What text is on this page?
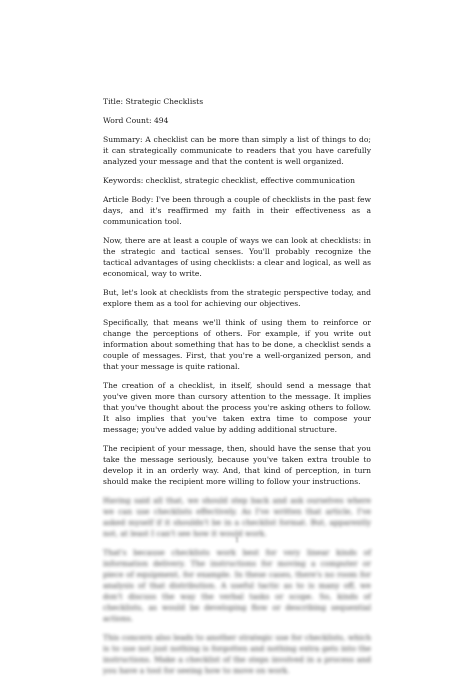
Title: Strategic Checklists

Word Count: 494

Summary: A checklist can be more than simply a list of things to do; it can strategically communicate to readers that you have carefully analyzed your message and that the content is well organized.

Keywords: checklist, strategic checklist, effective communication

Article Body: I've been through a couple of checklists in the past few days, and it's reaffirmed my faith in their effectiveness as a communication tool.

Now, there are at least a couple of ways we can look at checklists: in the strategic and tactical senses. You'll probably recognize the tactical advantages of using checklists: a clear and logical, as well as economical, way to write.

But, let's look at checklists from the strategic perspective today, and explore them as a tool for achieving our objectives.

Specifically, that means we'll think of using them to reinforce or change the perceptions of others. For example, if you write out information about something that has to be done, a checklist sends a couple of messages. First, that you're a well-organized person, and that your message is quite rational.

The creation of a checklist, in itself, should send a message that you've given more than cursory attention to the message. It implies that you've thought about the process you're asking others to follow. It also implies that you've taken extra time to compose your message; you've added value by adding additional structure.

The recipient of your message, then, should have the sense that you take the message seriously, because you've taken extra trouble to develop it in an orderly way. And, that kind of perception, in turn should make the recipient more willing to follow your instructions.

Having said all that, we should step back and ask ourselves where we can use checklists effectively. As I've written that article, I've asked myself if it shouldn't be in a checklist format. But, apparently not, at least I can't see how it would work.

That's because checklists work best for very linear kinds of information delivery. The instructions for moving a computer or piece of equipment, for example. In these cases, there's no room for analysis of that distribution. A useful tactic as to is many off, we don't discuss the way the verbal tasks or scope. So, kinds of checklists, as would be developing flow or describing sequential actions.

This concern also leads to another strategic use for checklists, which is to use not just nothing is forgotten and nothing extra gets into the instructions. Make a checklist of the steps involved in a process and you have a tool for seeing how to move on work.

1
